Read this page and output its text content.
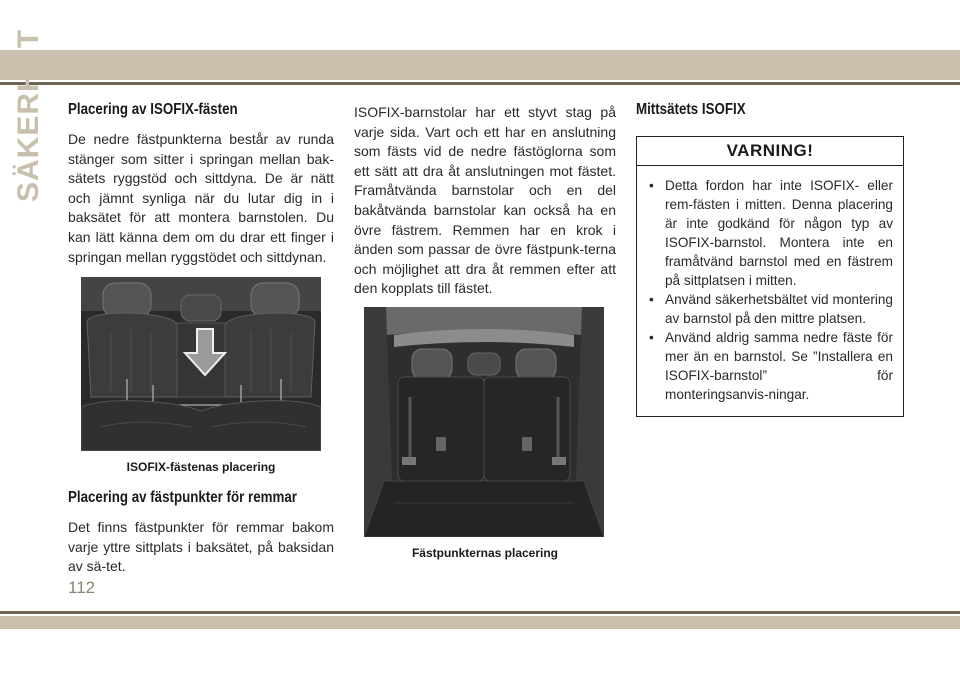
SÄKERHET Placering av ISOFIX-fästen

De nedre fästpunkterna består av runda stänger som sitter i springan mellan bak-sätets ryggstöd och sittdyna. De är nätt och jämnt synliga när du lutar dig in i baksätet för att montera barnstolen. Du kan lätt känna dem om du drar ett finger i springan mellan ryggstödet och sittdynan.

ISOFIX-fästenas placering
Placering av fästpunkter för remmar

Det finns fästpunkter för remmar bakom varje yttre sittplats i baksätet, på baksidan av sä-tet.

ISOFIX-barnstolar har ett styvt stag på varje sida. Vart och ett har en anslutning som fästs vid de nedre fästöglorna som ett sätt att dra åt anslutningen mot fästet. Framåtvända barnstolar och en del bakåtvända barnstolar kan också ha en övre fästrem. Remmen har en krok i änden som passar de övre fästpunk-terna och möjlighet att dra åt remmen efter att den kopplats till fästet.

Fästpunkternas placering
Mittsätets ISOFIX
VARNING!
• Detta fordon har inte ISOFIX- eller rem-fästen i mitten. Denna placering är inte godkänd för någon typ av ISOFIX-barnstol. Montera inte en framåtvänd barnstol med en fästrem på sittplatsen i mitten.
• Använd säkerhetsbältet vid montering av barnstol på den mittre platsen.
• Använd aldrig samma nedre fäste för mer än en barnstol. Se ”Installera en ISOFIX-barnstol” för monteringsanvis-ningar.
112
